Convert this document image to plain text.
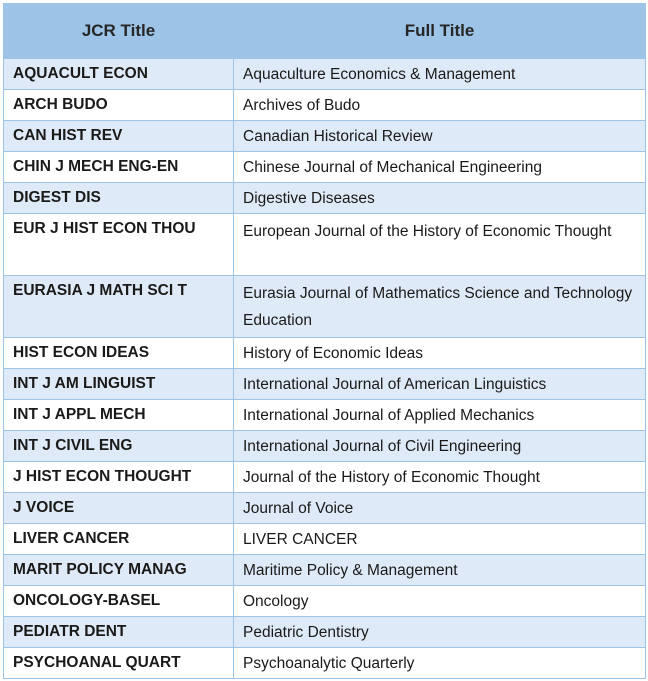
JCR Title	Full Title
AQUACULT ECON	Aquaculture Economics & Management
ARCH BUDO	Archives of Budo
CAN HIST REV	Canadian Historical Review
CHIN J MECH ENG-EN	Chinese Journal of Mechanical Engineering
DIGEST DIS	Digestive Diseases
EUR J HIST ECON THOU	European Journal of the History of Economic Thought
EURASIA J MATH SCI T	Eurasia Journal of Mathematics Science and Technology Education
HIST ECON IDEAS	History of Economic Ideas
INT J AM LINGUIST	International Journal of American Linguistics
INT J APPL MECH	International Journal of Applied Mechanics
INT J CIVIL ENG	International Journal of Civil Engineering
J HIST ECON THOUGHT	Journal of the History of Economic Thought
J VOICE	Journal of Voice
LIVER CANCER	LIVER CANCER
MARIT POLICY MANAG	Maritime Policy & Management
ONCOLOGY-BASEL	Oncology
PEDIATR DENT	Pediatric Dentistry
PSYCHOANAL QUART	Psychoanalytic Quarterly
